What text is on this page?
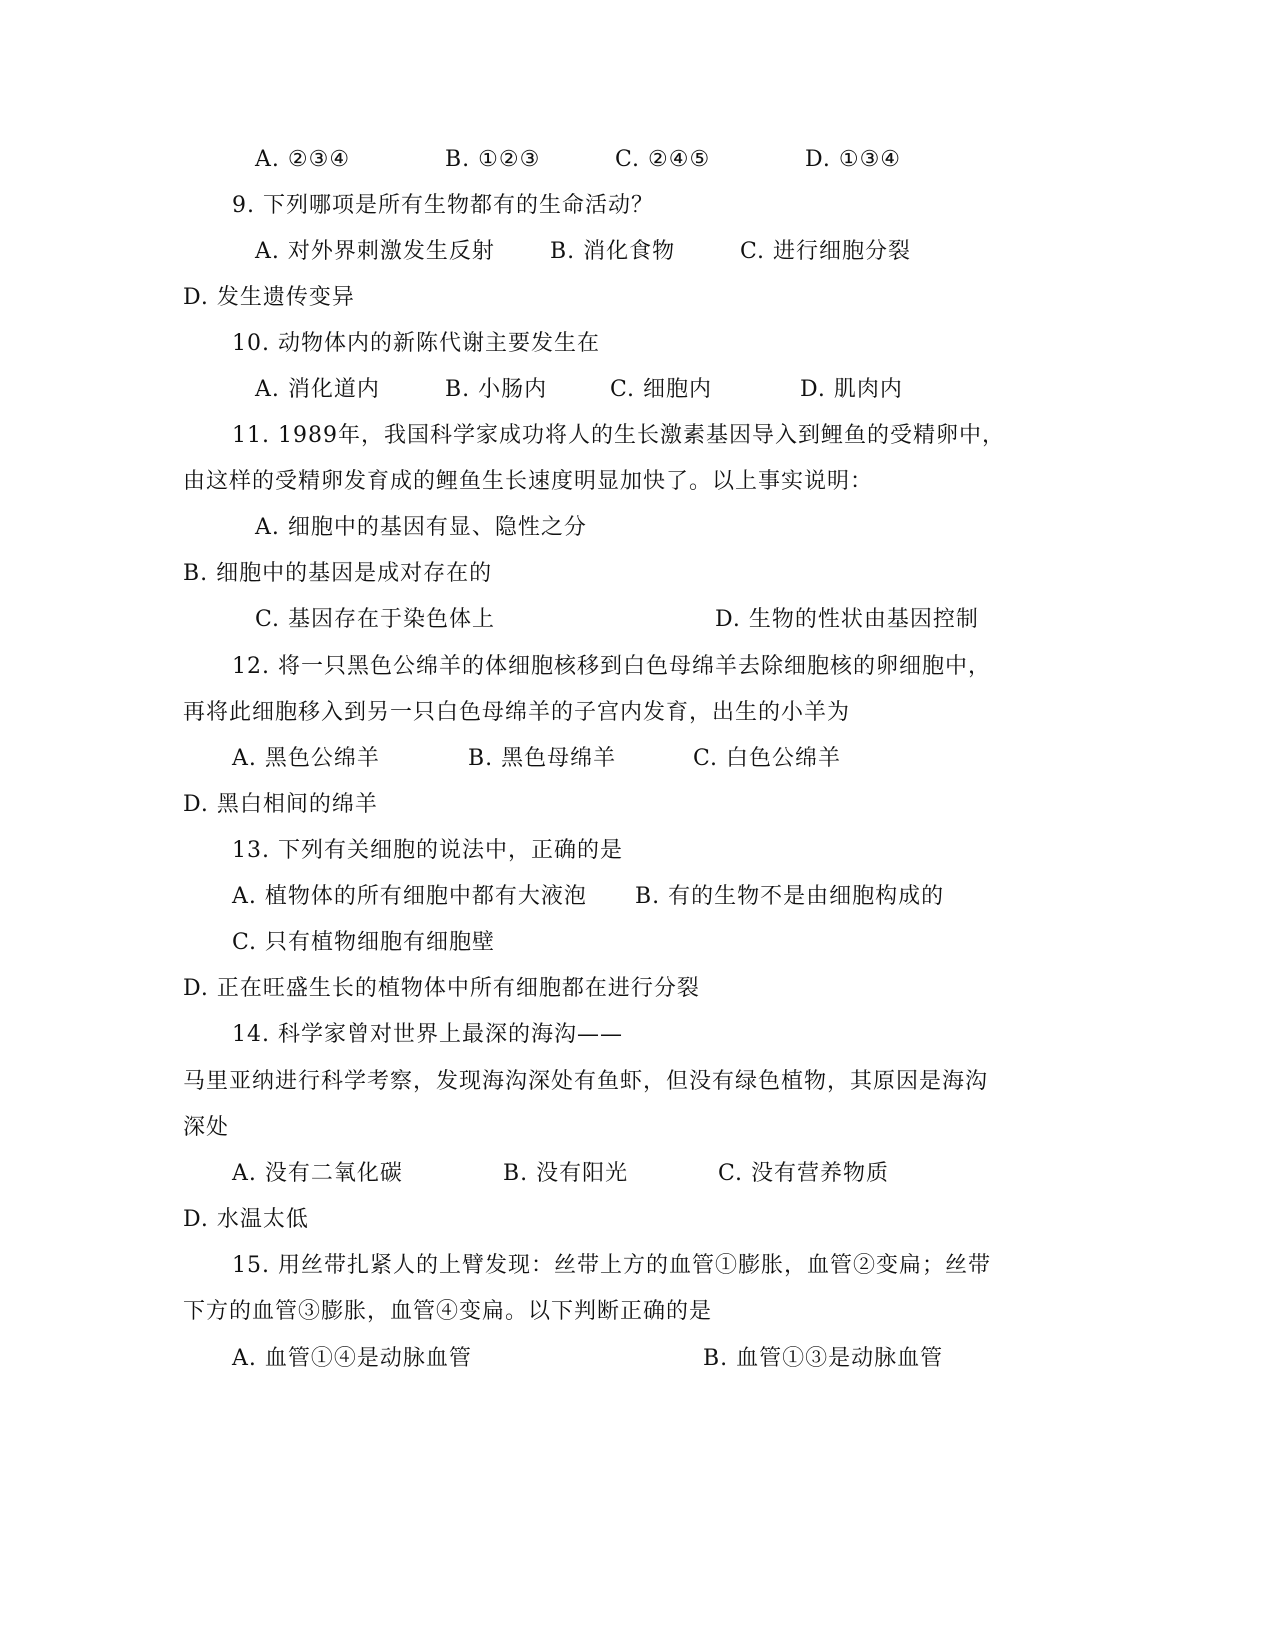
A. ②③④	B. ①②③	C. ②④⑤	D. ①③④
9. 下列哪项是所有生物都有的生命活动？
A. 对外界刺激发生反射	B. 消化食物	C. 进行细胞分裂
D. 发生遗传变异
10. 动物体内的新陈代谢主要发生在
A. 消化道内	B. 小肠内	C. 细胞内	D. 肌肉内
11. 1989年，我国科学家成功将人的生长激素基因导入到鲤鱼的受精卵中，
由这样的受精卵发育成的鲤鱼生长速度明显加快了。以上事实说明：
A. 细胞中的基因有显、隐性之分
B. 细胞中的基因是成对存在的
C. 基因存在于染色体上	D. 生物的性状由基因控制
12. 将一只黑色公绵羊的体细胞核移到白色母绵羊去除细胞核的卵细胞中，
再将此细胞移入到另一只白色母绵羊的子宫内发育，出生的小羊为
A. 黑色公绵羊	B. 黑色母绵羊	C. 白色公绵羊
D. 黑白相间的绵羊
13. 下列有关细胞的说法中，正确的是
A. 植物体的所有细胞中都有大液泡 B. 有的生物不是由细胞构成的
C. 只有植物细胞有细胞壁
D. 正在旺盛生长的植物体中所有细胞都在进行分裂
14. 科学家曾对世界上最深的海沟——
马里亚纳进行科学考察，发现海沟深处有鱼虾，但没有绿色植物，其原因是海沟
深处
A. 没有二氧化碳	B. 没有阳光	C. 没有营养物质
D. 水温太低
15. 用丝带扎紧人的上臂发现：丝带上方的血管①膨胀，血管②变扁；丝带
下方的血管③膨胀，血管④变扁。以下判断正确的是
A. 血管①④是动脉血管	B. 血管①③是动脉血管
